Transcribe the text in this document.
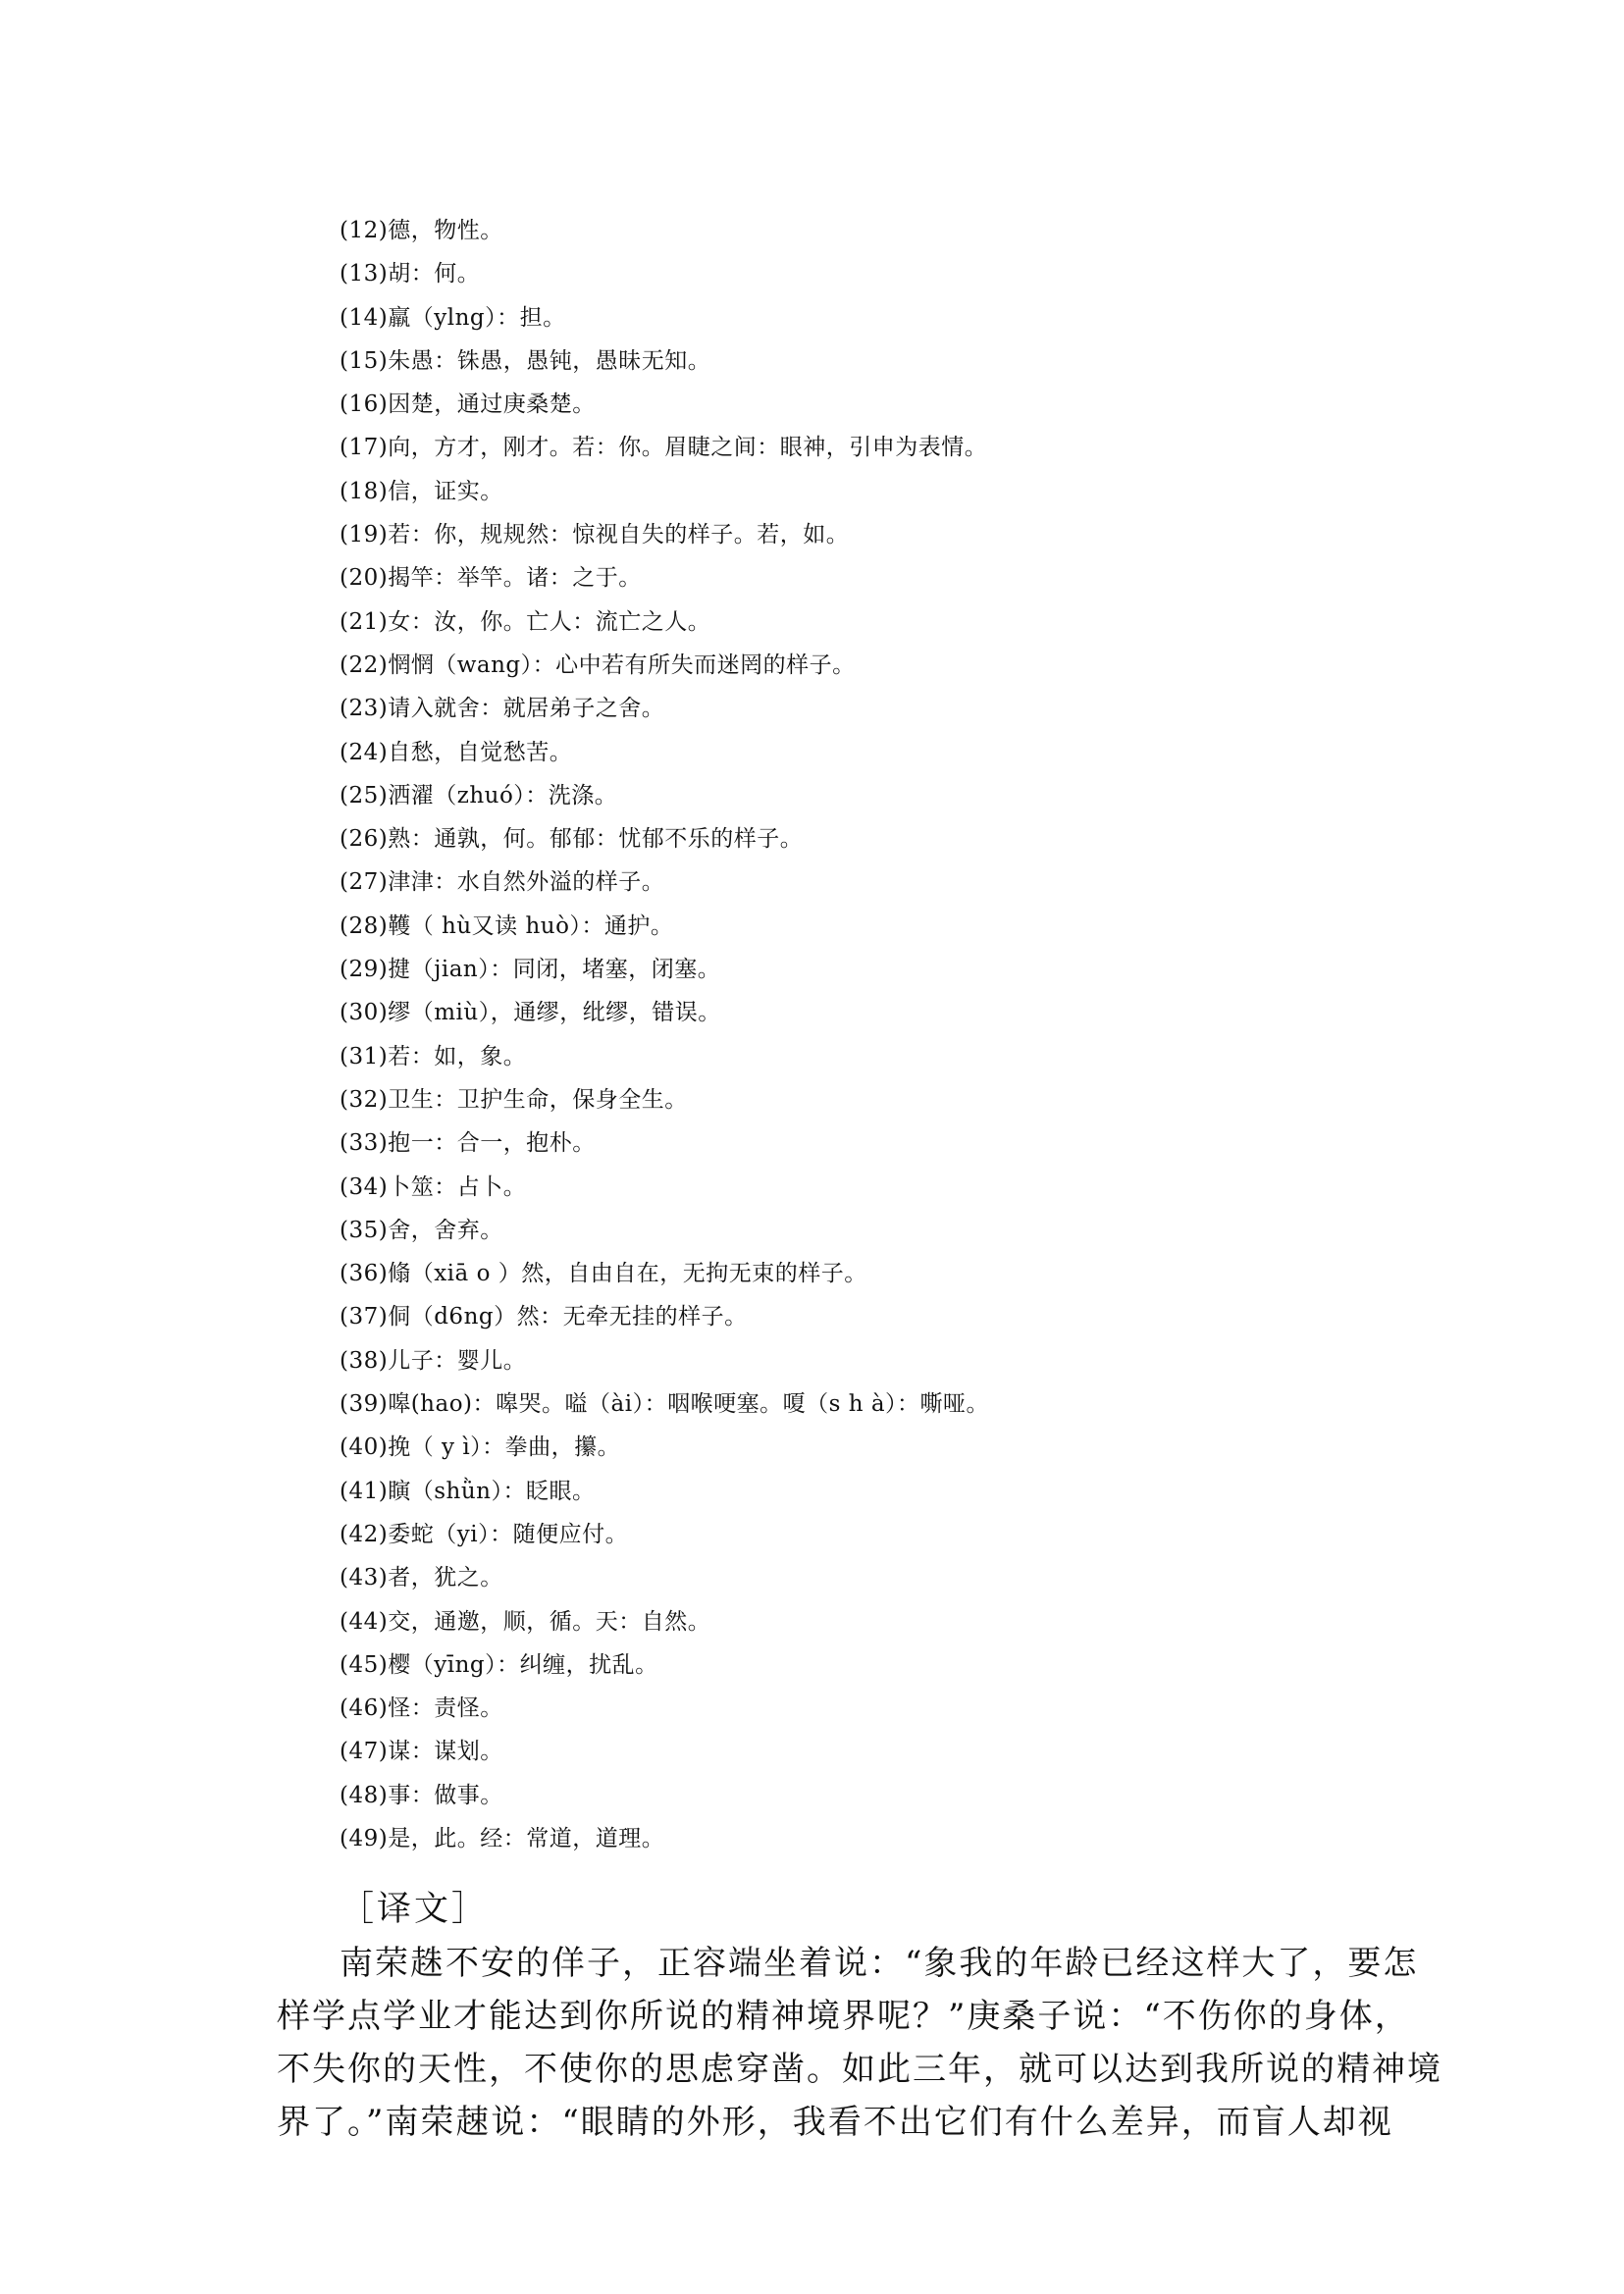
(12)德，物性。
(13)胡：何。
(14)羸（ylng）：担。
(15)朱愚：铢愚，愚钝，愚昧无知。
(16)因楚，通过庚桑楚。
(17)向，方才，刚才。若：你。眉睫之间：眼神，引申为表情。
(18)信，证实。
(19)若：你，规规然：惊视自失的样子。若，如。
(20)揭竿：举竿。诸：之于。
(21)女：汝，你。亡人：流亡之人。
(22)惘惘（wang）：心中若有所失而迷罔的样子。
(23)请入就舍：就居弟子之舍。
(24)自愁，自觉愁苦。
(25)洒濯（zhuó）：洗涤。
(26)熟：通孰，何。郁郁：忧郁不乐的样子。
(27)津津：水自然外溢的样子。
(28)韄（ hù又读 huò）：通护。
(29)揵（jian）：同闭，堵塞，闭塞。
(30)缪（miù），通缪，纰缪，错误。
(31)若：如，象。
(32)卫生：卫护生命，保身全生。
(33)抱一：合一，抱朴。
(34)卜筮：占卜。
(35)舍，舍弃。
(36)翛（xiā o ）然，自由自在，无拘无束的样子。
(37)侗（d6ng）然：无牵无挂的样子。
(38)儿子：婴儿。
(39)嗥(hao)：嗥哭。嗌（ài）：咽喉哽塞。嗄（s h à）：嘶哑。
(40)挽（ y ì）：拳曲，攥。
(41)瞚（shǜn）：眨眼。
(42)委蛇（yi）：随便应付。
(43)者，犹之。
(44)交，通邀，顺，循。天：自然。
(45)樱（yīng）：纠缠，扰乱。
(46)怪：责怪。
(47)谋：谋划。
(48)事：做事。
(49)是，此。经：常道，道理。
［译文］
南荣趎不安的佯子，正容端坐着说：“象我的年龄已经这样大了，要怎
样学点学业才能达到你所说的精神境界呢？”庚桑子说：“不伤你的身体，
不失你的天性，不使你的思虑穿凿。如此三年，就可以达到我所说的精神境
界了。”南荣趚说：“眼睛的外形，我看不出它们有什么差异，而盲人却视
